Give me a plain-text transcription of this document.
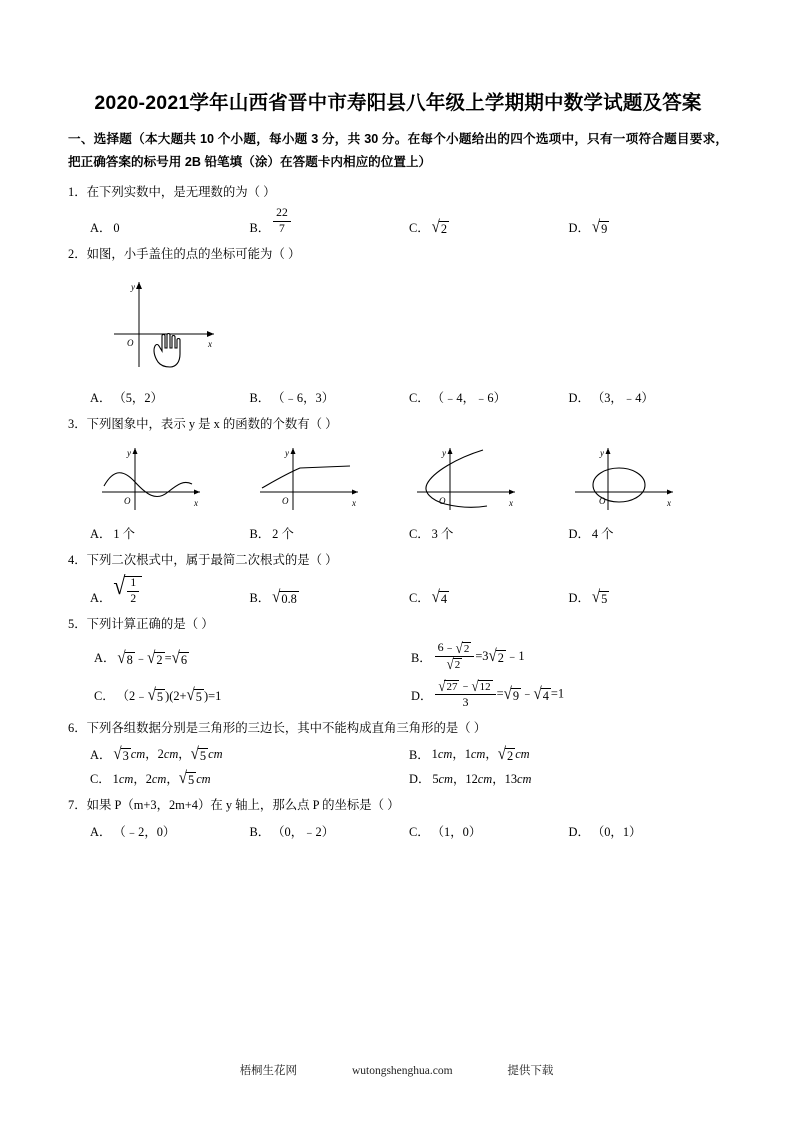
2020-2021学年山西省晋中市寿阳县八年级上学期期中数学试题及答案
一、选择题（本大题共 10 个小题，每小题 3 分，共 30 分。在每个小题给出的四个选项中，只有一项符合题目要求，把正确答案的标号用 2B 铅笔填（涂）在答题卡内相应的位置上）
1．在下列实数中，是无理数的为（ ）
A． 0	B． $\frac{22}{7}$	C． √ 2	D． √ 9
2．如图，小手盖住的点的坐标可能为（ ）
y
x
O
A． （5，2）	B． （﹣6，3）	C． （﹣4，﹣6）	D． （3，﹣4）
3．下列图象中，表示 y 是 x 的函数的个数有（ ）
y
x
O
y
x
O
y
x
O
y
x
O
A． 1 个	B． 2 个	C． 3 个	D． 4 个
4．下列二次根式中，属于最简二次根式的是（ ）
A． √ $\frac{1}{2}$	B． √ 0.8	C． √ 4	D． √ 5
5．下列计算正确的是（ ）
A． √ 8 ﹣ √ 2 = √ 6	B． $\frac{6﹣ √ 2}{√ 2} =3$ √ 2 ﹣1
C． （2﹣ √ 5 )(2+ √ 5 )=1	D． $\frac{√ 27 ﹣ √ 12}{3}$ = √ 9 ﹣ √ 4 =1
6．下列各组数据分别是三角形的三边长，其中不能构成直角三角形的是（ ）
A． √ 3 cm，2cm， √ 5 cm	B． 1cm，1cm， √ 2 cm
C． 1cm，2cm， √ 5 cm	D． 5cm，12cm，13cm
7．如果 P（m+3，2m+4）在 y 轴上，那么点 P 的坐标是（ ）
A． （﹣2，0）	B． （0，﹣2）	C． （1，0）	D． （0，1）
梧桐生花网	wutongshenghua.com	提供下载
